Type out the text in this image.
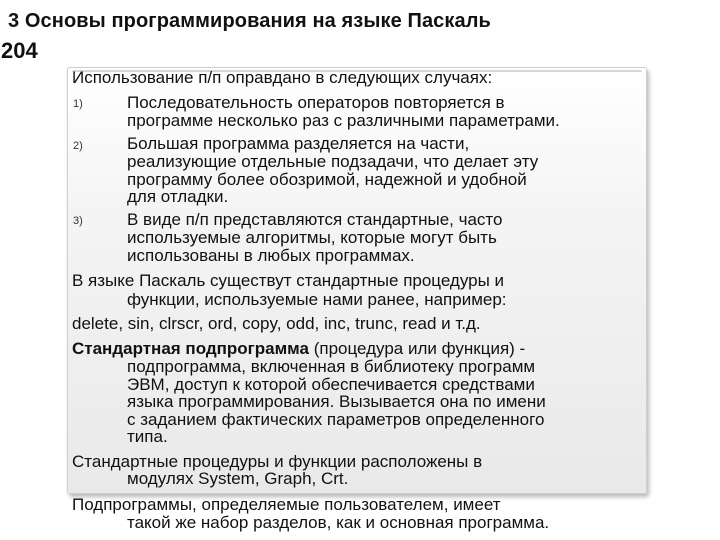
3 Основы программирования на языке Паскаль
204
Использование п/п оправдано в следующих случаях:
1)	Последовательность операторов повторяется в
программе несколько раз с различными параметрами.
2)	Большая программа разделяется на части,
реализующие отдельные подзадачи, что делает эту
программу более обозримой, надежной и удобной
для отладки.
3)	В виде п/п представляются стандартные, часто
используемые алгоритмы, которые могут быть
использованы в любых программах.
В языке Паскаль существут стандартные процедуры и
функции, используемые нами ранее, например:
delete, sin, clrscr, ord, copy, odd, inc, trunc, read и т.д.
Стандартная подпрограмма (процедура или функция) -
подпрограмма, включенная в библиотеку программ
ЭВМ, доступ к которой обеспечивается средствами
языка программирования. Вызывается она по имени
с заданием фактических параметров определенного
типа.
Стандартные процедуры и функции расположены в
модулях System, Graph, Crt.
Подпрограммы, определяемые пользователем, имеет
такой же набор разделов, как и основная программа.
